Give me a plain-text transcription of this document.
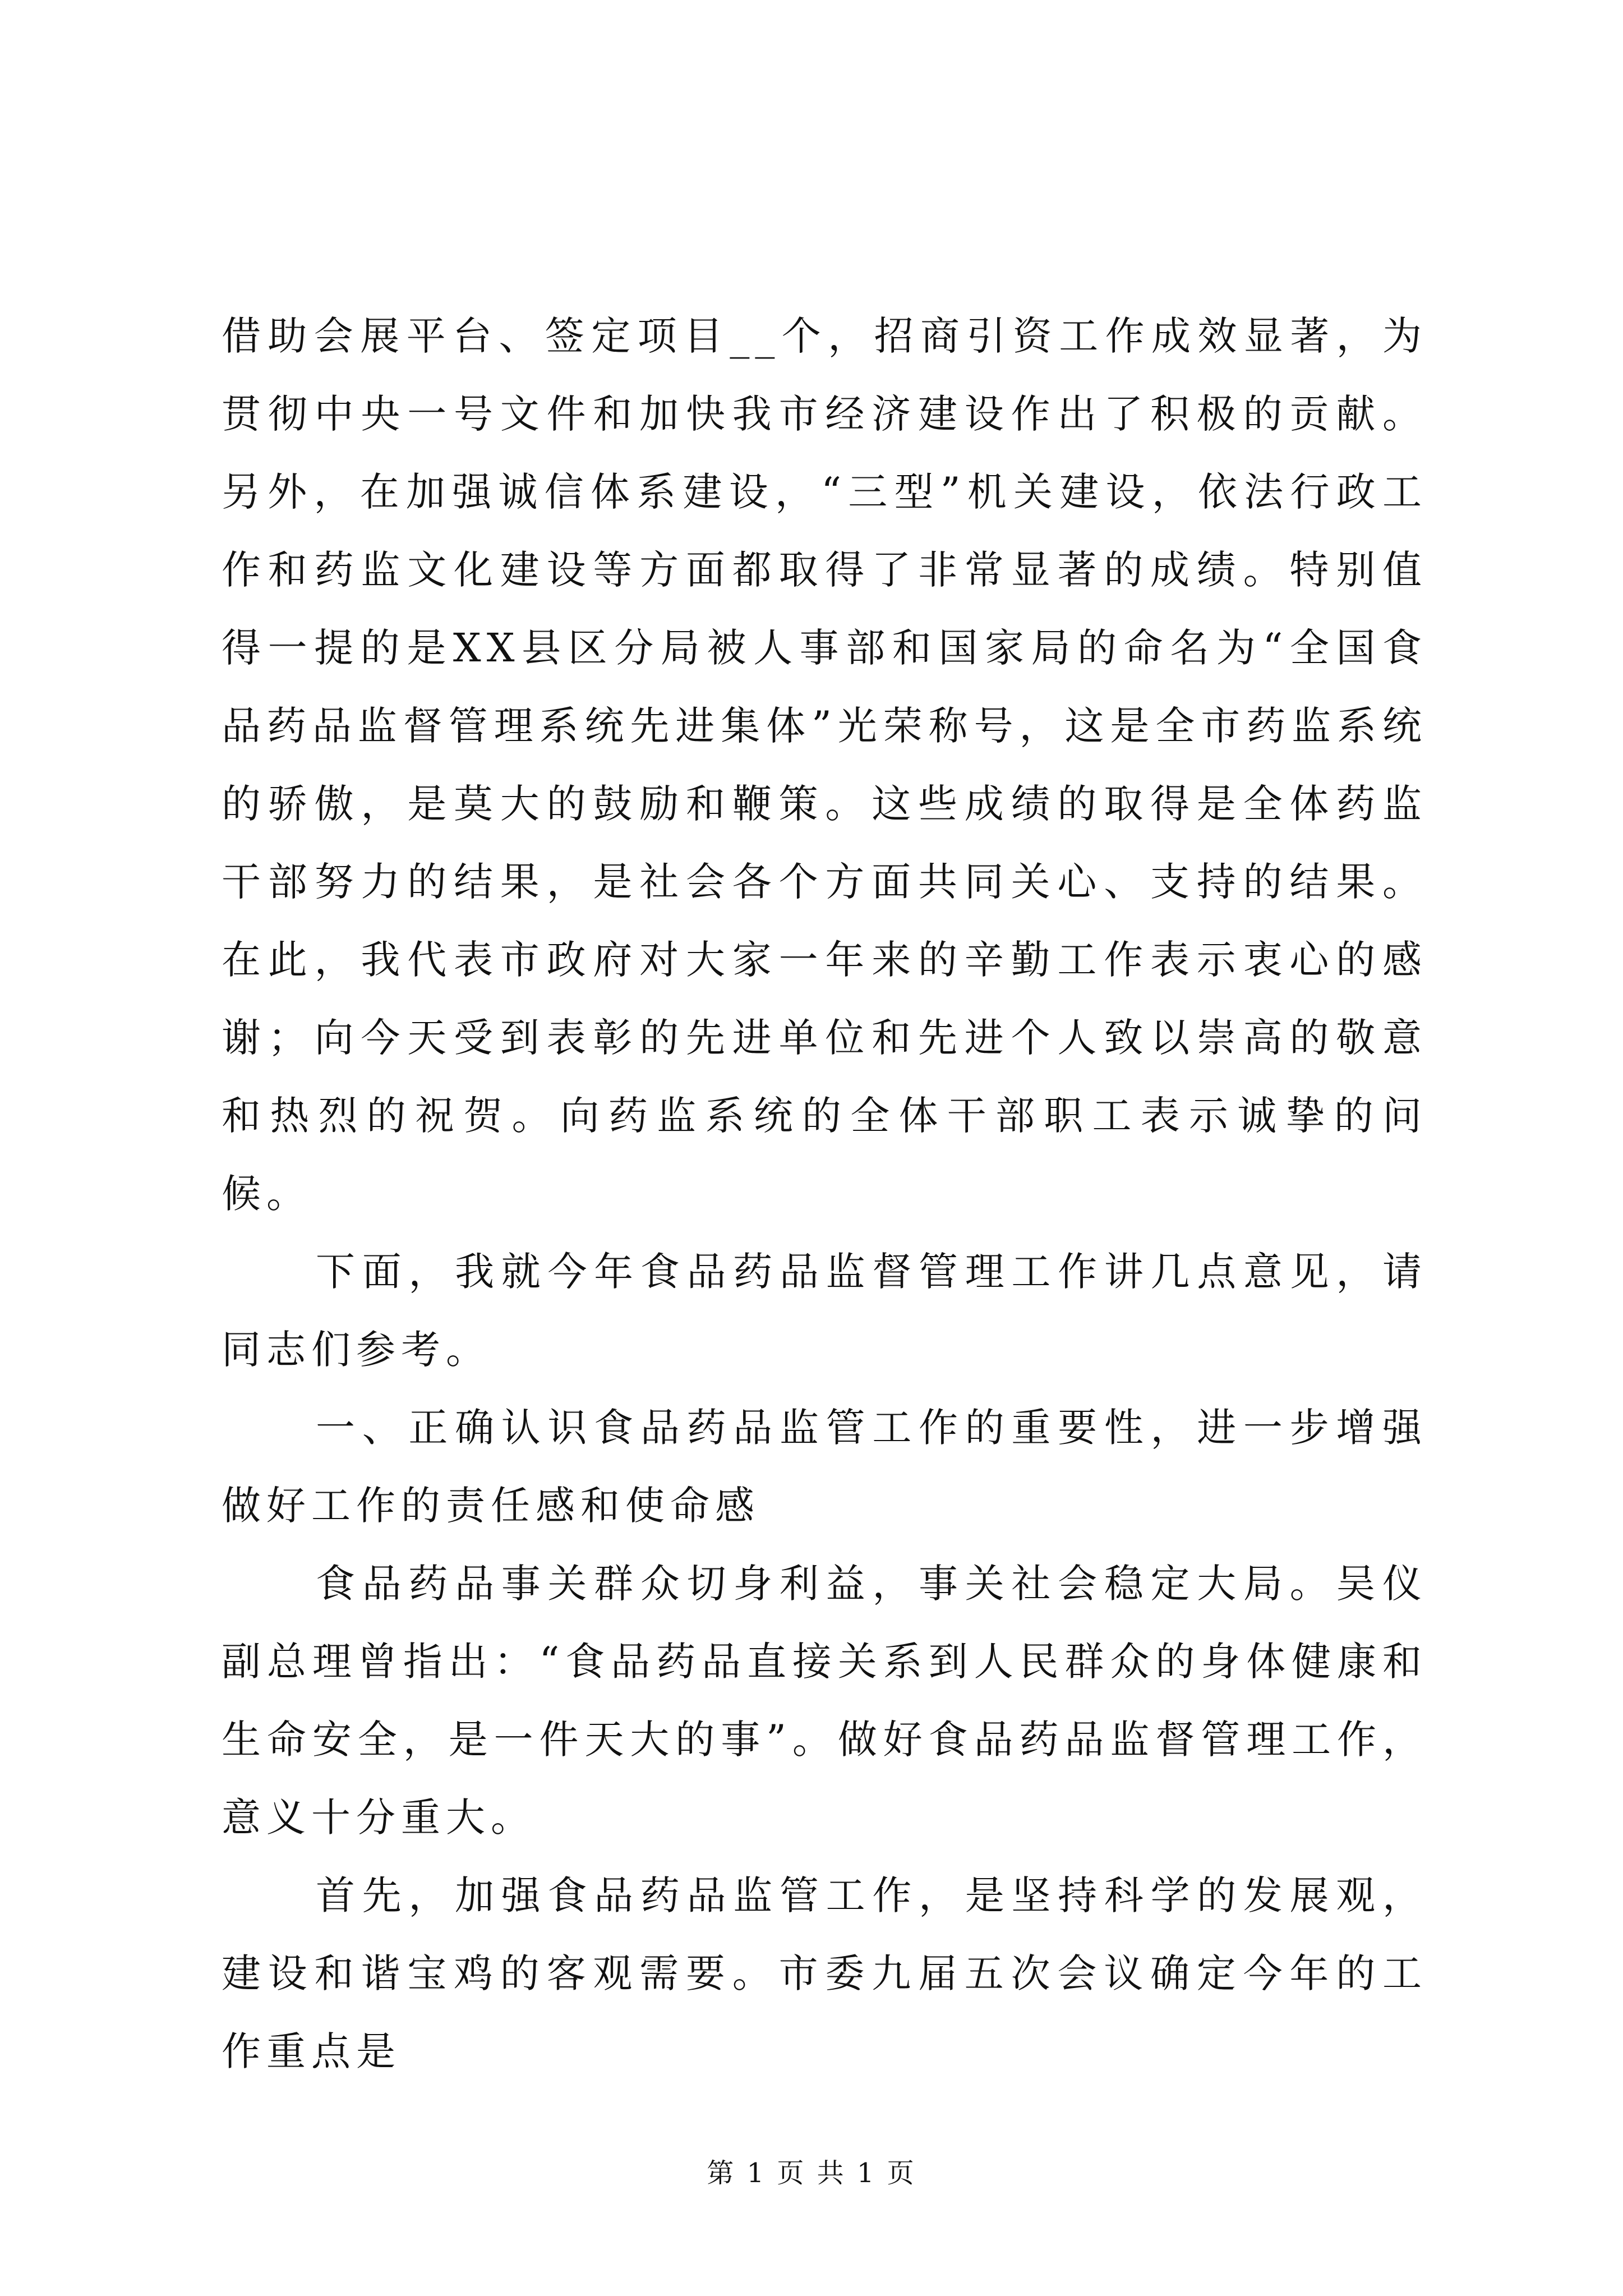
借助会展平台、签定项目__个，招商引资工作成效显著，为贯彻中央一号文件和加快我市经济建设作出了积极的贡献。另外，在加强诚信体系建设，“三型”机关建设，依法行政工作和药监文化建设等方面都取得了非常显著的成绩。特别值得一提的是XX县区分局被人事部和国家局的命名为“全国食品药品监督管理系统先进集体”光荣称号，这是全市药监系统的骄傲，是莫大的鼓励和鞭策。这些成绩的取得是全体药监干部努力的结果，是社会各个方面共同关心、支持的结果。在此，我代表市政府对大家一年来的辛勤工作表示衷心的感谢；向今天受到表彰的先进单位和先进个人致以崇高的敬意和热烈的祝贺。向药监系统的全体干部职工表示诚挚的问候。

下面，我就今年食品药品监督管理工作讲几点意见，请同志们参考。

一、正确认识食品药品监管工作的重要性，进一步增强做好工作的责任感和使命感

食品药品事关群众切身利益，事关社会稳定大局。吴仪副总理曾指出：“食品药品直接关系到人民群众的身体健康和生命安全，是一件天大的事”。做好食品药品监督管理工作，意义十分重大。

首先，加强食品药品监管工作，是坚持科学的发展观，建设和谐宝鸡的客观需要。市委九届五次会议确定今年的工作重点是

第 1 页 共 1 页
